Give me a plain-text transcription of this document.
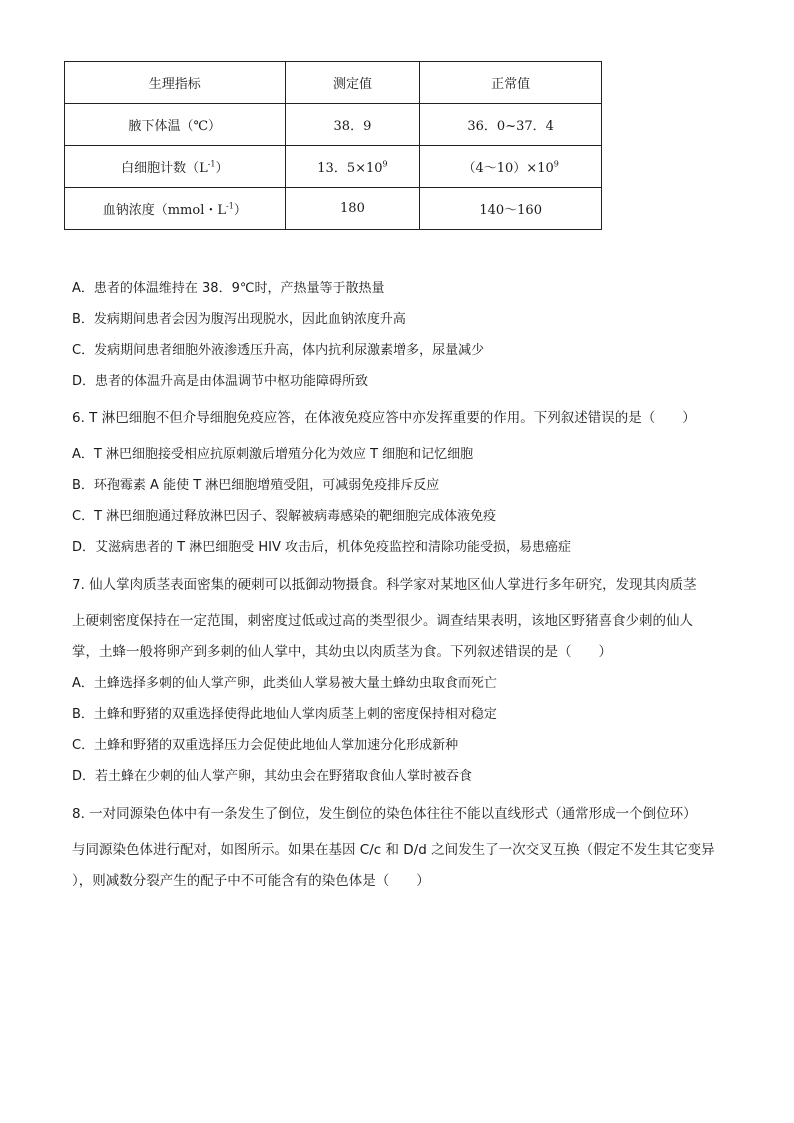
生理指标	测定值	正常值
腋下体温（℃）	38．9	36．0~37．4
白细胞计数$(L^{-1})$	13．$5\times 10^9$	$(4\sim 10)\times 10^9$
血钠浓度（mmol・$L^{-1}$）	180	140～160
A．患者的体温维持在 38．9℃时，产热量等于散热量
B．发病期间患者会因为腹泻出现脱水，因此血钠浓度升高
C．发病期间患者细胞外液渗透压升高，体内抗利尿激素增多，尿量减少
D．患者的体温升高是由体温调节中枢功能障碍所致
6. T 淋巴细胞不但介导细胞免疫应答，在体液免疫应答中亦发挥重要的作用。下列叙述错误的是（　　）
A．T 淋巴细胞接受相应抗原刺激后增殖分化为效应 T 细胞和记忆细胞
B．环孢霉素 A 能使 T 淋巴细胞增殖受阻，可减弱免疫排斥反应
C．T 淋巴细胞通过释放淋巴因子、裂解被病毒感染的靶细胞完成体液免疫
D．艾滋病患者的 T 淋巴细胞受 HIV 攻击后，机体免疫监控和清除功能受损，易患癌症
7. 仙人掌肉质茎表面密集的硬刺可以抵御动物摄食。科学家对某地区仙人掌进行多年研究，发现其肉质茎
上硬刺密度保持在一定范围，刺密度过低或过高的类型很少。调查结果表明，该地区野猪喜食少刺的仙人
掌，土蜂一般将卵产到多刺的仙人掌中，其幼虫以肉质茎为食。下列叙述错误的是（　　）
A．土蜂选择多刺的仙人掌产卵，此类仙人掌易被大量土蜂幼虫取食而死亡
B．土蜂和野猪的双重选择使得此地仙人掌肉质茎上刺的密度保持相对稳定
C．土蜂和野猪的双重选择压力会促使此地仙人掌加速分化形成新种
D．若土蜂在少刺的仙人掌产卵，其幼虫会在野猪取食仙人掌时被吞食
8. 一对同源染色体中有一条发生了倒位，发生倒位的染色体往往不能以直线形式（通常形成一个倒位环）
与同源染色体进行配对，如图所示。如果在基因 C/c 和 D/d 之间发生了一次交叉互换（假定不发生其它变异
），则减数分裂产生的配子中不可能含有的染色体是（　　）
